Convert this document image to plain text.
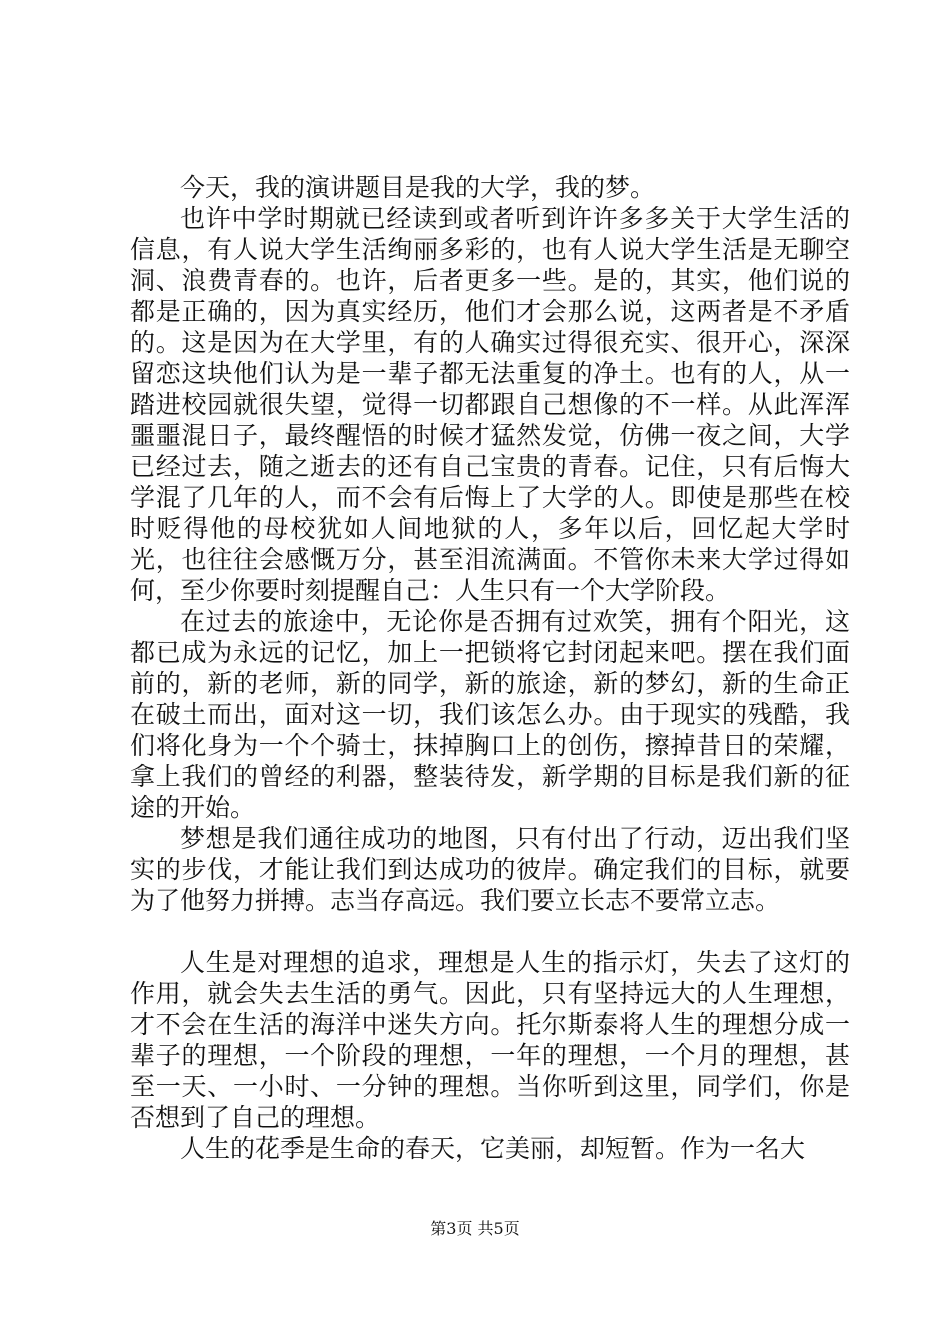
今天，我的演讲题目是我的大学，我的梦。

也许中学时期就已经读到或者听到许许多多关于大学生活的信息，有人说大学生活绚丽多彩的，也有人说大学生活是无聊空洞、浪费青春的。也许，后者更多一些。是的，其实，他们说的都是正确的，因为真实经历，他们才会那么说，这两者是不矛盾的。这是因为在大学里，有的人确实过得很充实、很开心，深深留恋这块他们认为是一辈子都无法重复的净土。也有的人，从一踏进校园就很失望，觉得一切都跟自己想像的不一样。从此浑浑噩噩混日子，最终醒悟的时候才猛然发觉，仿佛一夜之间，大学已经过去，随之逝去的还有自己宝贵的青春。记住，只有后悔大学混了几年的人，而不会有后悔上了大学的人。即使是那些在校时贬得他的母校犹如人间地狱的人，多年以后，回忆起大学时光，也往往会感慨万分，甚至泪流满面。不管你未来大学过得如何，至少你要时刻提醒自己：人生只有一个大学阶段。

在过去的旅途中，无论你是否拥有过欢笑，拥有个阳光，这都已成为永远的记忆，加上一把锁将它封闭起来吧。摆在我们面前的，新的老师，新的同学，新的旅途，新的梦幻，新的生命正在破土而出，面对这一切，我们该怎么办。由于现实的残酷，我们将化身为一个个骑士，抹掉胸口上的创伤，擦掉昔日的荣耀，拿上我们的曾经的利器，整装待发，新学期的目标是我们新的征途的开始。

梦想是我们通往成功的地图，只有付出了行动，迈出我们坚实的步伐，才能让我们到达成功的彼岸。确定我们的目标，就要为了他努力拼搏。志当存高远。我们要立长志不要常立志。

人生是对理想的追求，理想是人生的指示灯，失去了这灯的作用，就会失去生活的勇气。因此，只有坚持远大的人生理想，才不会在生活的海洋中迷失方向。托尔斯泰将人生的理想分成一辈子的理想，一个阶段的理想，一年的理想，一个月的理想，甚至一天、一小时、一分钟的理想。当你听到这里，同学们，你是否想到了自己的理想。

人生的花季是生命的春天，它美丽，却短暂。作为一名大

第3页 共5页
